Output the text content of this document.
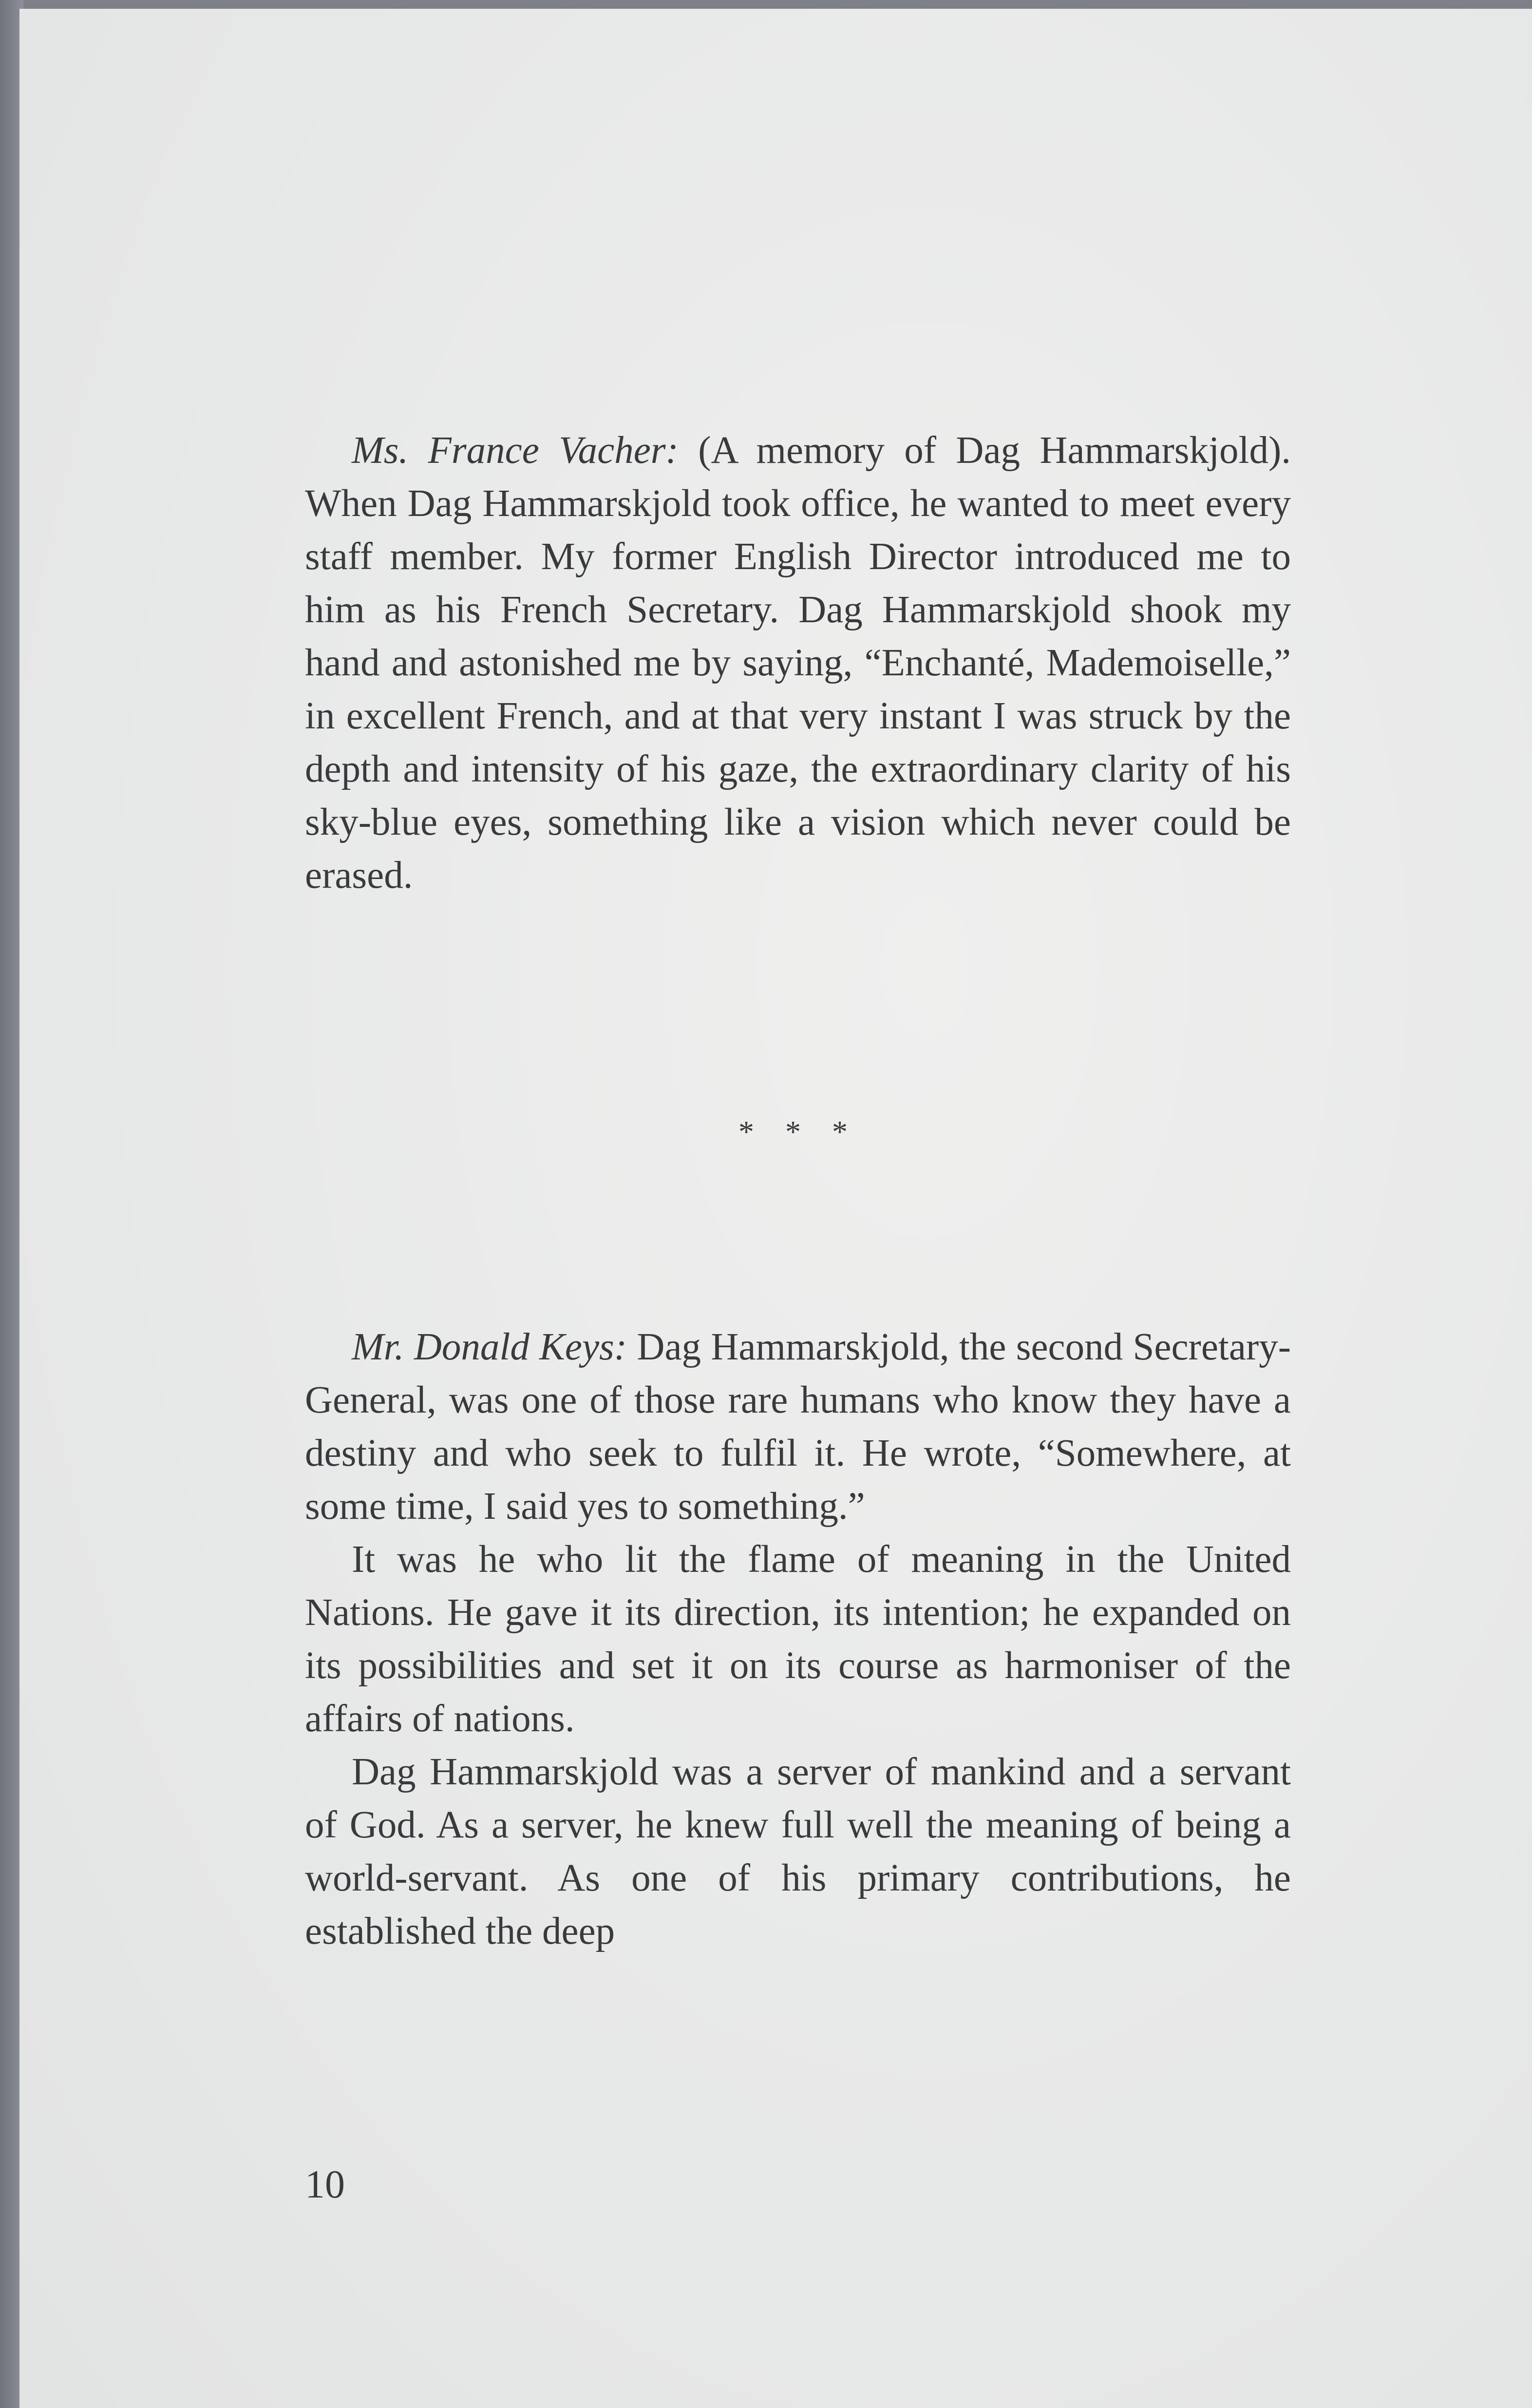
Ms. France Vacher: (A memory of Dag Hammarskjold). When Dag Hammarskjold took office, he wanted to meet every staff member. My former English Director introduced me to him as his French Secretary. Dag Hammarskjold shook my hand and astonished me by saying, “Enchanté, Mademoiselle,” in excellent French, and at that very instant I was struck by the depth and intensity of his gaze, the extraordinary clarity of his sky-blue eyes, something like a vision which never could be erased.

* * *

Mr. Donald Keys: Dag Hammarskjold, the second Secretary-General, was one of those rare humans who know they have a destiny and who seek to fulfil it. He wrote, “Somewhere, at some time, I said yes to something.”

It was he who lit the flame of meaning in the United Nations. He gave it its direction, its intention; he expanded on its possibilities and set it on its course as harmoniser of the affairs of nations.

Dag Hammarskjold was a server of mankind and a servant of God. As a server, he knew full well the meaning of being a world-servant. As one of his primary contributions, he established the deep

10
